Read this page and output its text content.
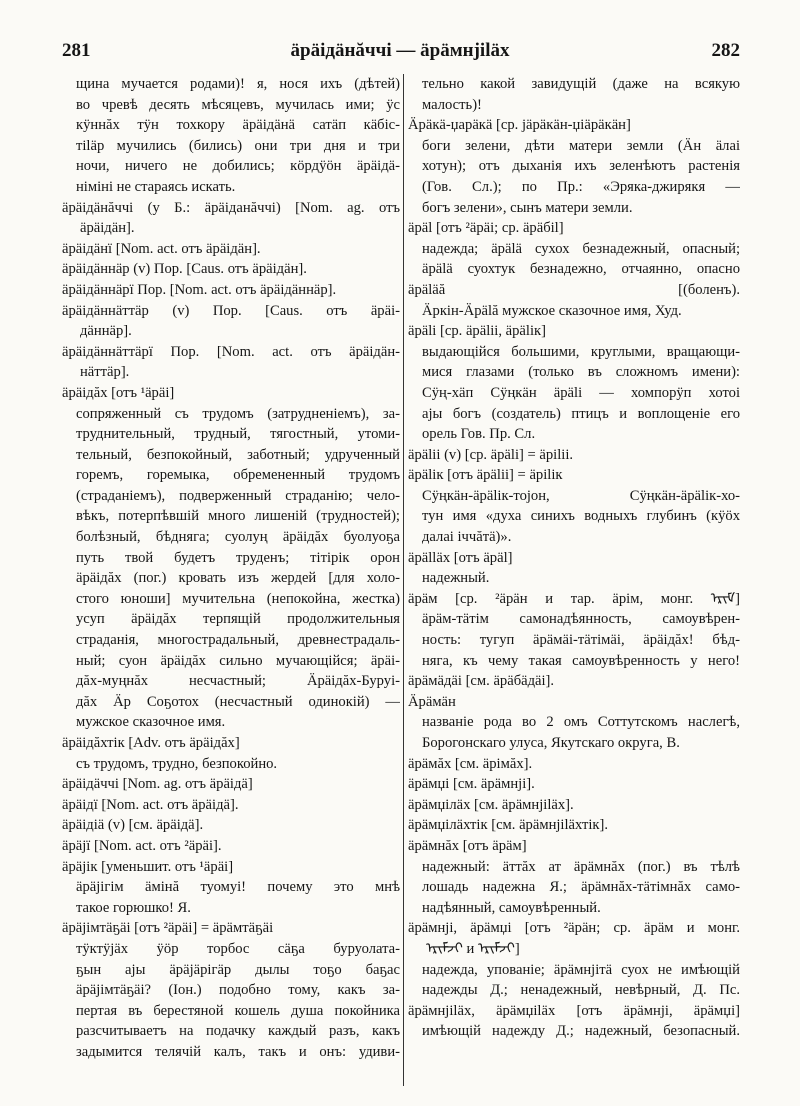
281	äрäідäнăччі — äрäмнjіläх	282
щина мучается родами)! я, нося ихъ (дѣтей)
во чревѣ десять мѣсяцевъ, мучилась ими; ÿс
кÿннăх тÿн тохкору äрäідäнä сатäп кäбіс-
тіläр мучились (бились) они три дня и три
ночи, ничего не добились; кöрдÿöн äрäідä-
німіні не стараясь искать.
äрäідäнăччі (у Б.: äрäіданăччі) [Nom. ag. отъ
äрäідäн].
äрäідäнï [Nom. act. отъ äрäідäн].
äрäідäннäр (v) Пор. [Caus. отъ äрäідäн].
äрäідäннäрï Пор. [Nom. act. отъ äрäідäннäр].
äрäідäннäттäр (v) Пор. [Caus. отъ äрäі-
дäннäр].
äрäідäннäттäрï Пор. [Nom. act. отъ äрäідäн-
нäттäр].
äрäідăх [отъ ¹äрäі]
сопряженный съ трудомъ (затрудненіемъ), за-
труднительный, трудный, тягостный, утоми-
тельный, безпокойный, заботный; удрученный
горемъ, горемыка, обремененный трудомъ
(страданіемъ), подверженный страданію; чело-
вѣкъ, потерпѣвшій много лишеній (трудностей);
болѣзный, бѣдняга; суолуң äрäідăх буолуоҕа
путь твой будетъ труденъ; тітірік орон
äрäідăх (пог.) кровать изъ жердей [для холо-
стого юноши] мучительна (непокойна, жестка)
усуп äрäідăх терпящій продолжительныя
страданія, многострадальный, древнестрадаль-
ный; суон äрäідăх сильно мучающійся; äрäі-
дăх-муңнăх несчастный; Äрäідăх-Буруі-
дăх Äр Соҕотох (несчастный одинокій) —
мужское сказочное имя.
äрäідăхтік [Adv. отъ äрäідăх]
съ трудомъ, трудно, безпокойно.
äрäідäччі [Nom. ag. отъ äрäідä]
äрäідï [Nom. act. отъ äрäідä].
äрäідіä (v) [см. äрäідä].
äрäjï [Nom. act. отъ ²äрäі].
äрäjік [уменьшит. отъ ¹äрäі]
äрäjігім äмінă туомуі! почему это мнѣ
такое горюшко! Я.
äрäjімтäҕäі [отъ ²äрäі] = äрäмтäҕäі
тÿктÿjäх ÿöр торбос сäҕа буруолата-
ҕын аjы äрäjäрігäр дылы тоҕо баҕас
äрäjімтäҕäі? (Іон.) подобно тому, какъ за-
пертая въ берестяной кошель душа покойника
разсчитываетъ на подачку каждый разъ, какъ
задымится телячій калъ, такъ и онъ: удиви-
тельно какой завидущій (даже на всякую
малость)!
Äрäкä-џарäкä [ср. jäрäкäн-џіäрäкäн]
боги зелени, дѣти матери земли (Äн äлаі
хотун); отъ дыханія ихъ зеленѣютъ растенія
(Гов. Сл.); по Пр.: «Эряка-джирякя —
богъ зелени», сынъ матери земли.
äрäl [отъ ²äрäі; ср. äрäбіl]
надежда; äрälä сухох безнадежный, опасный;
äрälä суохтук безнадежно, отчаянно, опасно
äрäläă [(боленъ).
Äркін-Äрälă мужское сказочное имя, Худ.
äрäli [ср. äрälii, äрälік]
выдающійся большими, круглыми, вращающи-
мися глазами (только въ сложномъ имени):
Сÿң-хäп Сÿңкäн äрäli — хомпорÿп хотоі
аjы богъ (создатель) птицъ и воплощеніе его
орель Гов. Пр. Сл.
äрälii (v) [ср. äрäli] = äрilii.
äрälік [отъ äрälii] = äрilік
Сÿңкäн-äрälік-тојон, Сÿңкäн-äрälік-хо-
тун имя «духа синихъ водныхъ глубинъ (кÿöх
далаі іччăтä)».
äрälläх [отъ äрäl]
надежный.
äрäм [ср. ²äрäн и тар. äрім, монг. ᠡᠷᠢᠮ]
äрäм-тäтім самонадѣянность, самоувѣрен-
ность: тугуп äрäмäі-тäтімäі, äрäідăх! бѣд-
няга, къ чему такая самоувѣренность у него!
äрäмäдäі [см. äрäбäдäі].
Äрäмäн
названіе рода во 2 омъ Соттутскомъ наслегѣ,
Борогонскаго улуса, Якутскаго округа, В.
äрäмăх [см. äрімăх].
äрäмџі [см. äрäмнjі].
äрäмџілäх [см. äрäмнjіläх].
äрäмџілäхтік [см. äрäмнjіläхтік].
äрäмнăх [отъ äрäм]
надежный: äттăх ат äрäмнăх (пог.) въ тѣлѣ
лошадь надежна Я.; äрäмнăх-тäтімнăх само-
надѣянный, самоувѣренный.
äрäмнjі, äрäмџі [отъ ²äрäн; ср. äрäм и монг.
ᠡᠷᠢᠮᠵᠢ и ᠡᠷᠢᠮᠵᠢ]
надежда, упованіе; äрäмнjітä суох не имѣющій
надежды Д.; ненадежный, невѣрный, Д. Пс.
äрäмнjіläх, äрäмџіläх [отъ äрäмнjі, äрäмџі]
имѣющій надежду Д.; надежный, безопасный.
